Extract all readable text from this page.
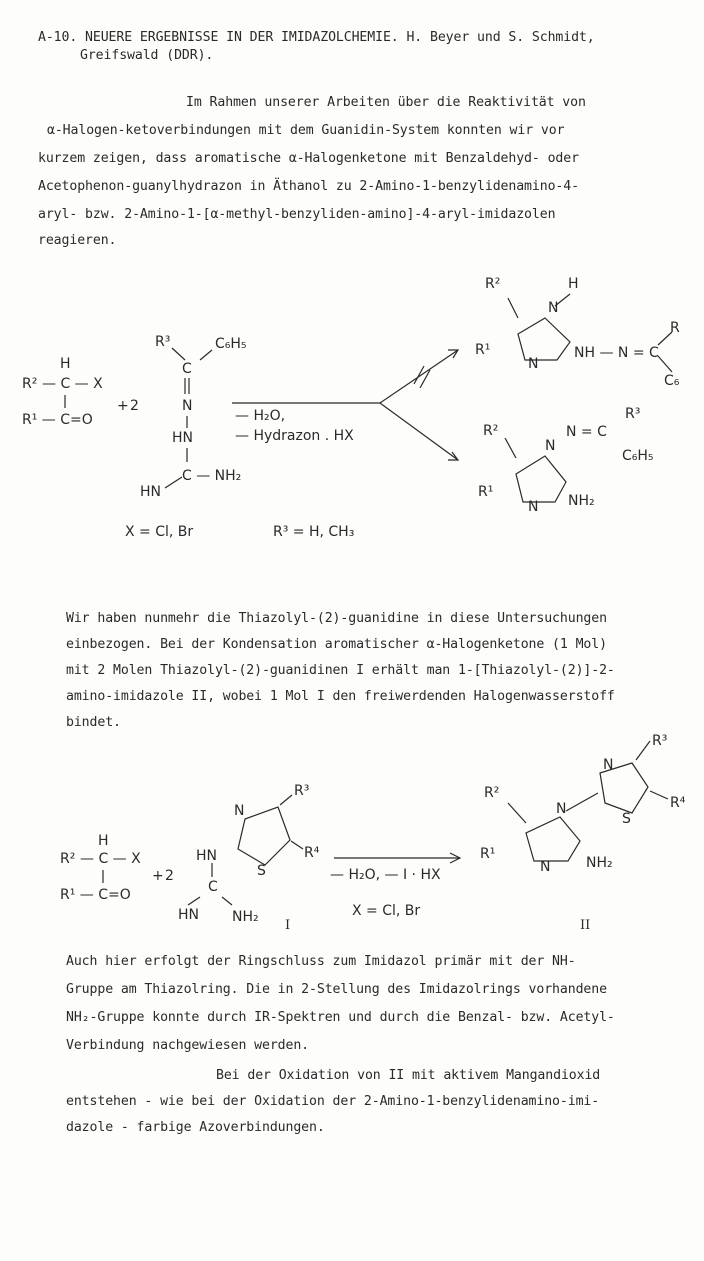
A-10. NEUERE ERGEBNISSE IN DER IMIDAZOLCHEMIE. H. Beyer und S. Schmidt,
Greifswald (DDR).
Im Rahmen unserer Arbeiten über die Reaktivität von
α-Halogen-ketoverbindungen mit dem Guanidin-System konnten wir vor
kurzem zeigen, dass aromatische α-Halogenketone mit Benzaldehyd- oder
Acetophenon-guanylhydrazon in Äthanol zu 2-Amino-1-benzylidenamino-4-
aryl- bzw. 2-Amino-1-[α-methyl-benzyliden-amino]-4-aryl-imidazolen
reagieren.
H
R² — C — X
R¹ — C=O
+ 2
R³	C₆H₅
C
N
HN
C — NH₂
HN
— H₂O,
— Hydrazon . HX
R²	H
N
R¹
N
NH — N = C
R
C₆
R²	N = C
R³
C₆H₅
N
R¹
N NH₂
X = Cl, Br	R³ = H, CH₃
Wir haben nunmehr die Thiazolyl-(2)-guanidine in diese Untersuchungen
einbezogen. Bei der Kondensation aromatischer α-Halogenketone (1 Mol)
mit 2 Molen Thiazolyl-(2)-guanidinen I erhält man 1-[Thiazolyl-(2)]-2-
amino-imidazole II, wobei 1 Mol I den freiwerdenden Halogenwasserstoff
bindet.
H
R² — C — X
R¹ — C=O
+ 2
N
R³
HN
S
R⁴
C
HN NH₂
I
— H₂O, — I · HX
X = Cl, Br
R²
N
R¹
N	NH₂
N
R³
R⁴
S
II
Auch hier erfolgt der Ringschluss zum Imidazol primär mit der NH-
Gruppe am Thiazolring. Die in 2-Stellung des Imidazolrings vorhandene
NH₂-Gruppe konnte durch IR-Spektren und durch die Benzal- bzw. Acetyl-
Verbindung nachgewiesen werden.
Bei der Oxidation von II mit aktivem Mangandioxid
entstehen - wie bei der Oxidation der 2-Amino-1-benzylidenamino-imi-
dazole - farbige Azoverbindungen.
